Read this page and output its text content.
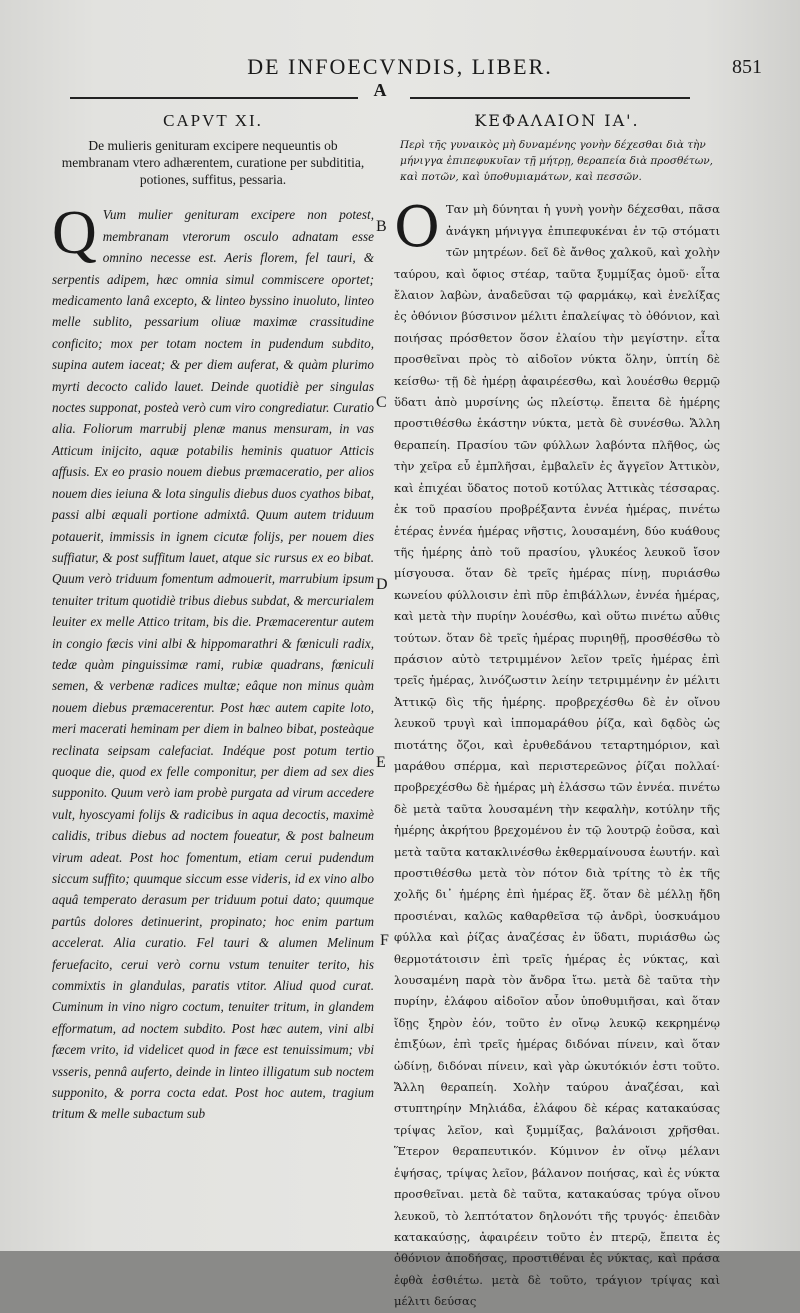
DE INFOECVNDIS, LIBER.	851
A
CAPVT XI.
De mulieris genituram excipere nequeuntis ob membranam vtero adhærentem, curatione per subdititia, potiones, suffitus, pessaria.
Q Vum mulier genituram excipere non potest, membranam vterorum osculo adnatam esse omnino necesse est. Aeris florem, fel tauri, & serpentis adipem, hæc omnia simul commiscere oportet; medicamento lanâ excepto, & linteo byssino inuoluto, linteo melle sublito, pessarium oliuæ maximæ crassitudine conficito; mox per totam noctem in pudendum subdito, supina autem iaceat; & per diem auferat, & quàm plurimo myrti decocto calido lauet. Deinde quotidiè per singulas noctes supponat, posteà verò cum viro congrediatur. Curatio alia. Foliorum marrubij plenæ manus mensuram, in vas Atticum inijcito, aquæ potabilis heminis quatuor Atticis affusis. Ex eo prasio nouem diebus præmaceratio, per alios nouem dies ieiuna & lota singulis diebus duos cyathos bibat, passi albi æquali portione admixtâ. Quum autem triduum potauerit, immissis in ignem cicutæ folijs, per nouem dies suffiatur, & post suffitum lauet, atque sic rursus ex eo bibat. Quum verò triduum fomentum admouerit, marrubium ipsum tenuiter tritum quotidiè tribus diebus subdat, & mercurialem leuiter ex melle Attico tritam, bis die. Præmacerentur autem in congio fæcis vini albi & hippomarathri & fœniculi radix, tedæ quàm pinguissimæ rami, rubiæ quadrans, fœniculi semen, & verbenæ radices multæ; eâque non minus quàm nouem diebus præmacerentur. Post hæc autem capite loto, meri macerati heminam per diem in balneo bibat, posteàque reclinata seipsam calefaciat. Indéque post potum tertio quoque die, quod ex felle componitur, per diem ad sex dies supponito. Quum verò iam probè purgata ad virum accedere vult, hyoscyami folijs & radicibus in aqua decoctis, maximè calidis, tribus diebus ad noctem foueatur, & post balneum virum adeat. Post hoc fomentum, etiam cerui pudendum siccum suffito; quumque siccum esse videris, id ex vino albo aquâ temperato derasum per triduum potui dato; quumque partûs dolores detinuerint, propinato; hoc enim partum accelerat. Alia curatio. Fel tauri & alumen Melinum feruefacito, cerui verò cornu vstum tenuiter terito, his commixtis in glandulas, paratis vtitor. Aliud quod curat. Cuminum in vino nigro coctum, tenuiter tritum, in glandem efformatum, ad noctem subdito. Post hæc autem, vini albi fæcem vrito, id videlicet quod in fæce est tenuissimum; vbi vsseris, pennâ auferto, deinde in linteo illigatum sub noctem supponito, & porra cocta edat. Post hoc autem, tragium tritum & melle subactum sub
B
C
D
E
F
ΚΕΦΑΛΑΙΟΝ ΙΑ'.
Περὶ τῆς γυναικὸς μὴ δυναμένης γονὴν δέχεσθαι διὰ τὴν μήνιγγα ἐπιπεφυκυῖαν τῇ μήτρῃ, θεραπεία διὰ προσθέτων, καὶ ποτῶν, καὶ ὑποθυμιαμάτων, καὶ πεσσῶν.
Ο Ταν μὴ δύνηται ἡ γυνὴ γονὴν δέχεσθαι, πᾶσα ἀνάγκη μήνιγγα ἐπιπεφυκέναι ἐν τῷ στόματι τῶν μητρέων. δεῖ δὲ ἄνθος χαλκοῦ, καὶ χολὴν ταύρου, καὶ ὄφιος στέαρ, ταῦτα ξυμμίξας ὁμοῦ· εἶτα ἔλαιον λαβὼν, ἀναδεῦσαι τῷ φαρμάκῳ, καὶ ἐνελίξας ἐς ὀθόνιον βύσσινον μέλιτι ἐπαλείψας τὸ ὀθόνιον, καὶ ποιήσας πρόσθετον ὅσον ἐλαίου τὴν μεγίστην. εἶτα προσθεῖναι πρὸς τὸ αἰδοῖον νύκτα ὅλην, ὑπτίη δὲ κείσθω· τῇ δὲ ἡμέρῃ ἀφαιρέεσθω, καὶ λουέσθω θερμῷ ὕδατι ἀπὸ μυρσίνης ὡς πλείστῳ. ἔπειτα δὲ ἡμέρης προστιθέσθω ἑκάστην νύκτα, μετὰ δὲ συνέσθω. Ἄλλη θεραπείη. Πρασίου τῶν φύλλων λαβόντα πλῆθος, ὡς τὴν χεῖρα εὖ ἐμπλῆσαι, ἐμβαλεῖν ἐς ἄγγεῖον Ἀττικὸν, καὶ ἐπιχέαι ὕδατος ποτοῦ κοτύλας Ἀττικὰς τέσσαρας. ἐκ τοῦ πρασίου προβρέξαντα ἐννέα ἡμέρας, πινέτω ἑτέρας ἐννέα ἡμέρας νῆστις, λουσαμένη, δύο κυάθους τῆς ἡμέρης ἀπὸ τοῦ πρασίου, γλυκέος λευκοῦ ἴσον μίσγουσα. ὅταν δὲ τρεῖς ἡμέρας πίνῃ, πυριάσθω κωνείου φύλλοισιν ἐπὶ πῦρ ἐπιβάλλων, ἐννέα ἡμέρας, καὶ μετὰ τὴν πυρίην λουέσθω, καὶ οὕτω πινέτω αὖθις τούτων. ὅταν δὲ τρεῖς ἡμέρας πυριηθῇ, προσθέσθω τὸ πράσιον αὐτὸ τετριμμένον λεῖον τρεῖς ἡμέρας ἐπὶ τρεῖς ἡμέρας, λινόζωστιν λείην τετριμμένην ἐν μέλιτι Ἀττικῷ δὶς τῆς ἡμέρης. προβρεχέσθω δὲ ἐν οἴνου λευκοῦ τρυγὶ καὶ ἱππομαράθου ῥίζα, καὶ δᾳδὸς ὡς πιοτάτης ὄζοι, καὶ ἐρυθεδάνου τεταρτημόριον, καὶ μαράθου σπέρμα, καὶ περιστερεῶνος ῥίζαι πολλαί· προβρεχέσθω δὲ ἡμέρας μὴ ἐλάσσω τῶν ἐννέα. πινέτω δὲ μετὰ ταῦτα λουσαμένη τὴν κεφαλὴν, κοτύλην τῆς ἡμέρης ἀκρήτου βρεχομένου ἐν τῷ λουτρῷ ἐοῦσα, καὶ μετὰ ταῦτα κατακλινέσθω ἐκθερμαίνουσα ἑωυτήν. καὶ προστιθέσθω μετὰ τὸν πότον διὰ τρίτης τὸ ἐκ τῆς χολῆς δι᾽ ἡμέρης ἐπὶ ἡμέρας ἕξ. ὅταν δὲ μέλλῃ ἤδη προσιέναι, καλῶς καθαρθεῖσα τῷ ἀνδρὶ, ὑοσκυάμου φύλλα καὶ ῥίζας ἀναζέσας ἐν ὕδατι, πυριάσθω ὡς θερμοτάτοισιν ἐπὶ τρεῖς ἡμέρας ἐς νύκτας, καὶ λουσαμένη παρὰ τὸν ἄνδρα ἴτω. μετὰ δὲ ταῦτα τὴν πυρίην, ἐλάφου αἰδοῖον αὖον ὑποθυμιῆσαι, καὶ ὅταν ἴδῃς ξηρὸν ἐόν, τοῦτο ἐν οἴνῳ λευκῷ κεκρημένῳ ἐπιξύων, ἐπὶ τρεῖς ἡμέρας διδόναι πίνειν, καὶ ὅταν ὠδίνῃ, διδόναι πίνειν, καὶ γὰρ ὠκυτόκιόν ἐστι τοῦτο. Ἄλλη θεραπείη. Χολὴν ταύρου ἀναζέσαι, καὶ στυπτηρίην Μηλιάδα, ἐλάφου δὲ κέρας κατακαύσας τρίψας λεῖον, καὶ ξυμμίξας, βαλάνοισι χρῆσθαι. Ἕτερον θεραπευτικόν. Κύμινον ἐν οἴνῳ μέλανι ἑψήσας, τρίψας λεῖον, βάλανον ποιήσας, καὶ ἐς νύκτα προσθεῖναι. μετὰ δὲ ταῦτα, κατακαύσας τρύγα οἴνου λευκοῦ, τὸ λεπτότατον δηλονότι τῆς τρυγός· ἐπειδὰν κατακαύσῃς, ἀφαιρέειν τοῦτο ἐν πτερῷ, ἔπειτα ἐς ὀθόνιον ἀποδήσας, προστιθέναι ἐς νύκτας, καὶ πράσα ἑφθὰ ἐσθιέτω. μετὰ δὲ τοῦτο, τράγιον τρίψας καὶ μέλιτι δεύσας
